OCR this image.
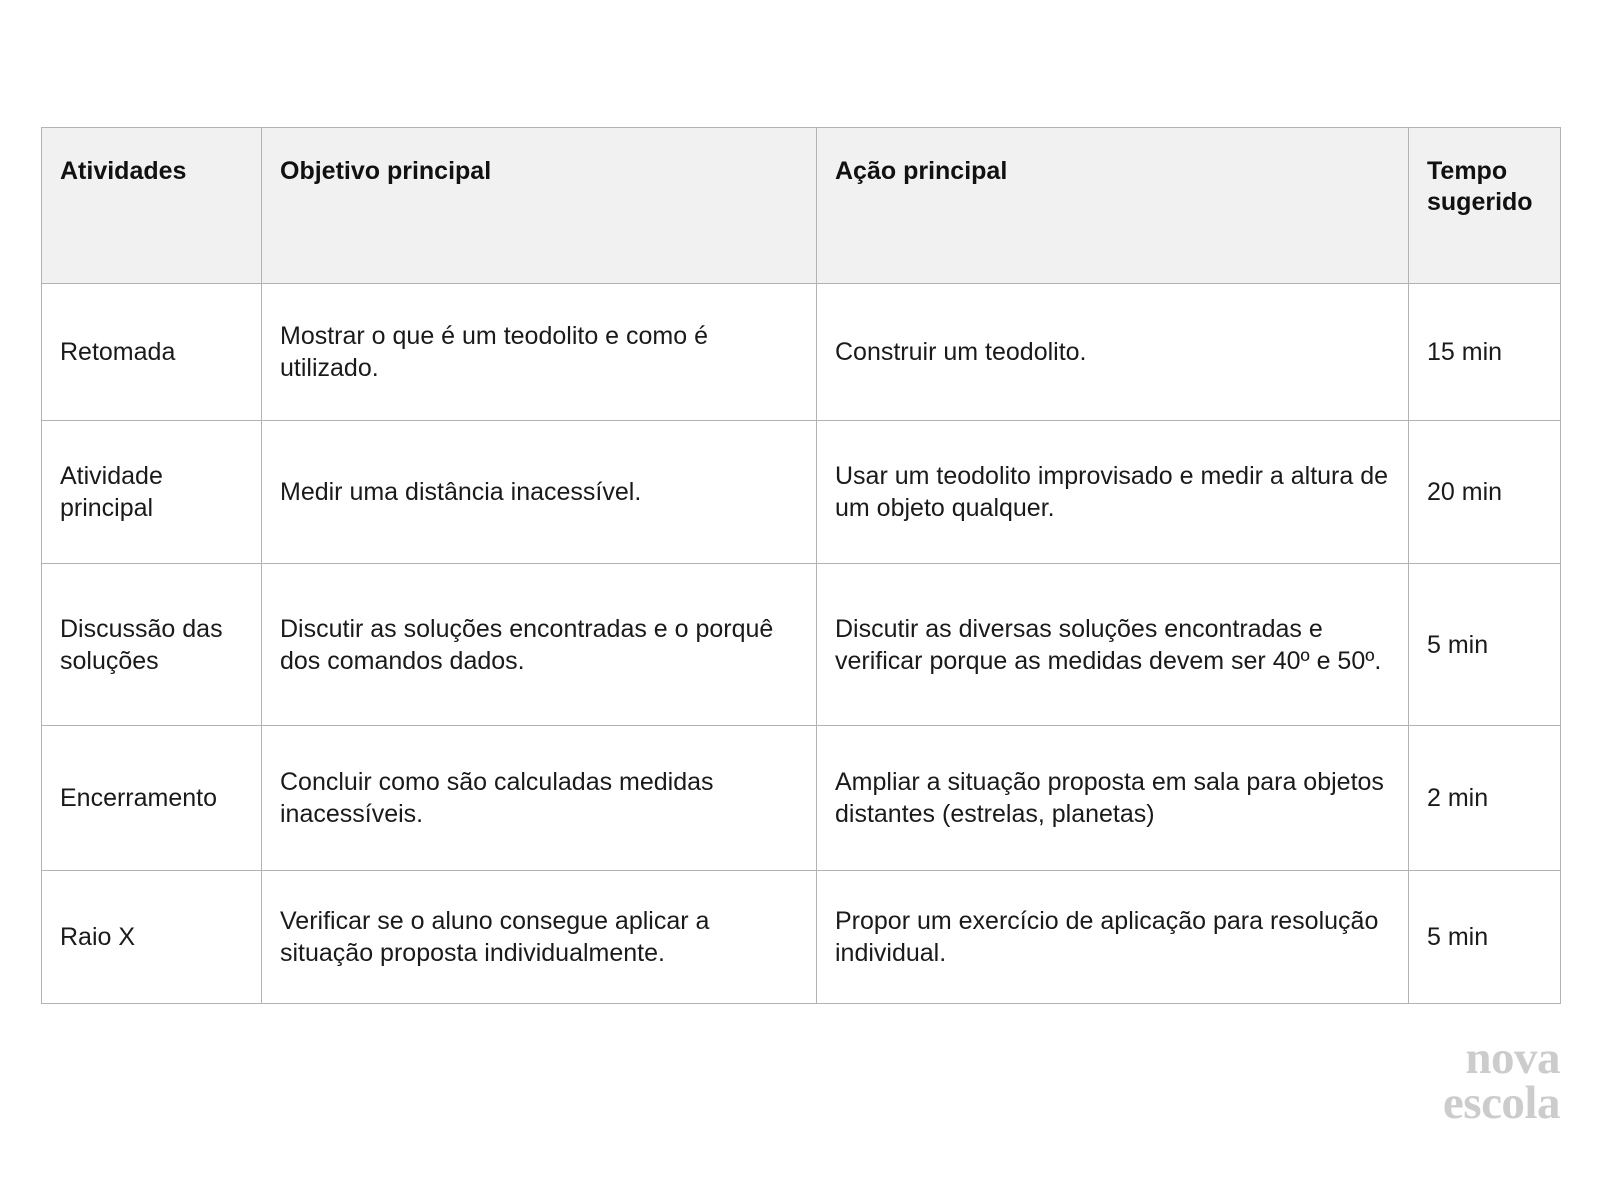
Atividades	Objetivo principal	Ação principal	Tempo sugerido
Retomada	Mostrar o que é um teodolito e como é utilizado.	Construir um teodolito.	15 min
Atividade principal	Medir uma distância inacessível.	Usar um teodolito improvisado e medir a altura de um objeto qualquer.	20 min
Discussão das soluções	Discutir as soluções encontradas e o porquê dos comandos dados.	Discutir as diversas soluções encontradas e verificar porque as medidas devem ser 40º e 50º.	5 min
Encerramento	Concluir como são calculadas medidas inacessíveis.	Ampliar a situação proposta em sala para objetos distantes (estrelas, planetas)	2 min
Raio X	Verificar se o aluno consegue aplicar a situação proposta individualmente.	Propor um exercício de aplicação para resolução individual.	5 min
nova
escola
